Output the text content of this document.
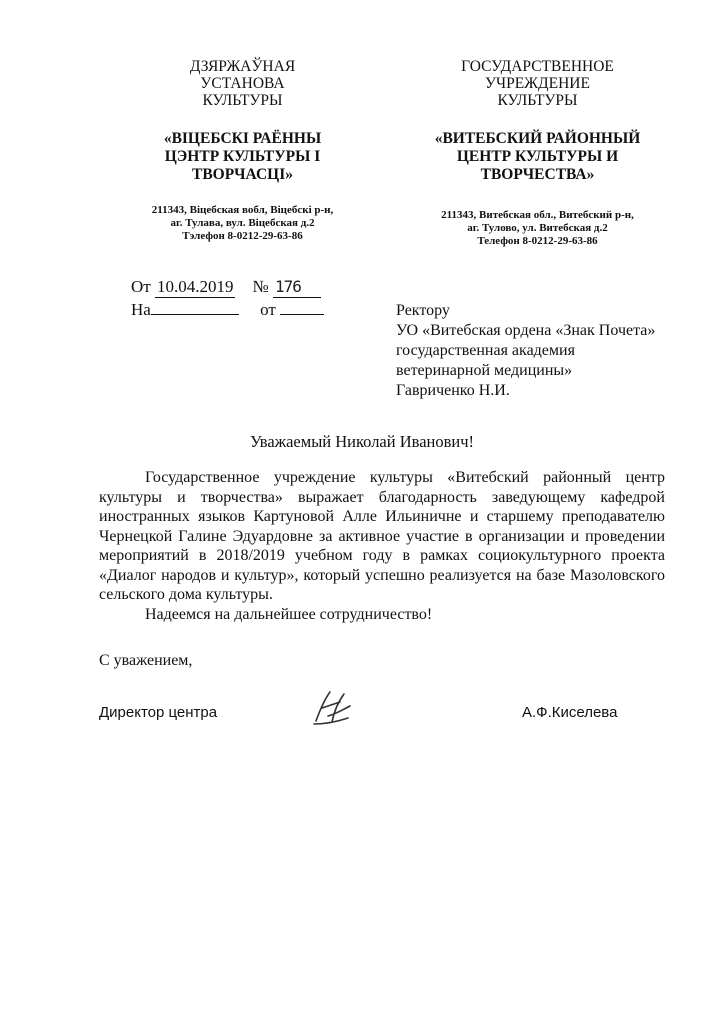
ДЗЯРЖАЎНАЯ
УСТАНОВА
КУЛЬТУРЫ
«ВІЦЕБСКІ РАЁННЫ
ЦЭНТР КУЛЬТУРЫ І
ТВОРЧАСЦІ»
211343, Віцебская вобл, Віцебскі р-н,
аг. Тулава, вул. Віцебская д.2
Тэлефон 8-0212-29-63-86
ГОСУДАРСТВЕННОЕ
УЧРЕЖДЕНИЕ
КУЛЬТУРЫ
«ВИТЕБСКИЙ РАЙОННЫЙ
ЦЕНТР КУЛЬТУРЫ И
ТВОРЧЕСТВА»
211343, Витебская обл., Витебский р-н,
аг. Тулово, ул. Витебская д.2
Телефон 8-0212-29-63-86
От 10.04.2019 № 176
На	от	Ректору
УО «Витебская ордена «Знак Почета»
государственная академия
ветеринарной медицины»
Гавриченко Н.И.
Уважаемый Николай Иванович!

Государственное учреждение культуры «Витебский районный центр культуры и творчества» выражает благодарность заведующему кафедрой иностранных языков Картуновой Алле Ильиничне и старшему преподавателю Чернецкой Галине Эдуардовне за активное участие в организации и проведении мероприятий в 2018/2019 учебном году в рамках социокультурного проекта «Диалог народов и культур», который успешно реализуется на базе Мазоловского сельского дома культуры.

Надеемся на дальнейшее сотрудничество!

С уважением,
Директор центра	А.Ф.Киселева
